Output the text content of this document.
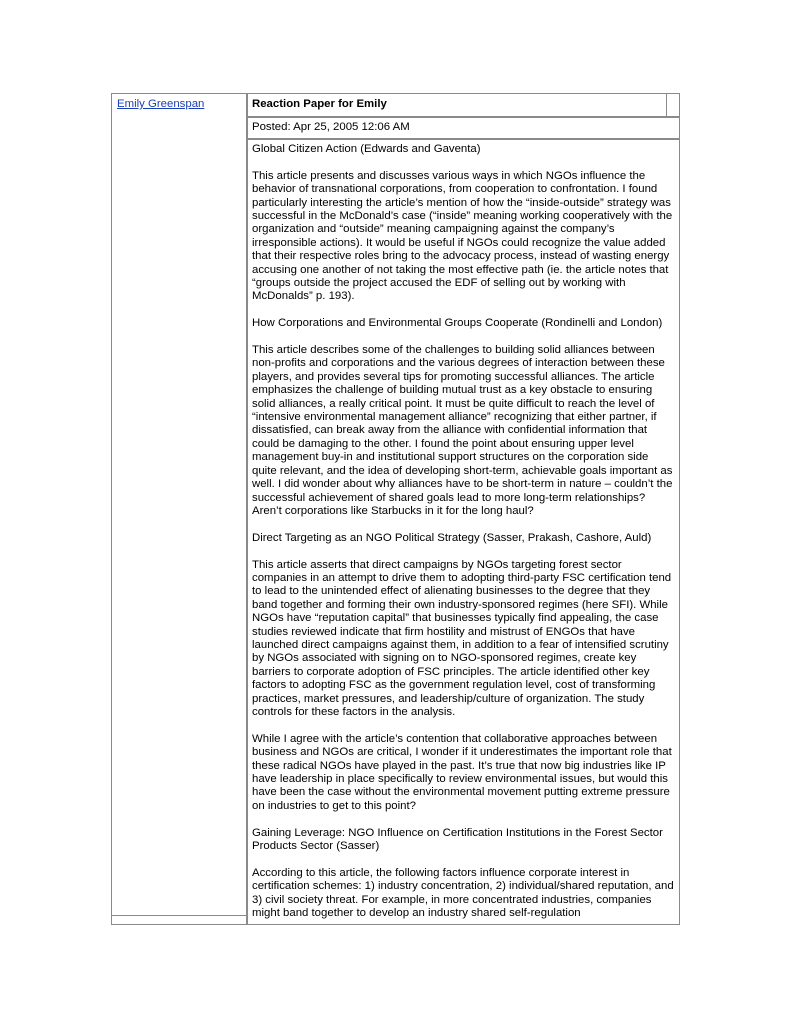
Emily Greenspan	Reaction Paper for Emily
Posted: Apr 25, 2005 12:06 AM

Global Citizen Action (Edwards and Gaventa)

This article presents and discusses various ways in which NGOs influence the behavior of transnational corporations, from cooperation to confrontation. I found particularly interesting the article’s mention of how the “inside-outside” strategy was successful in the McDonald’s case (“inside” meaning working cooperatively with the organization and “outside” meaning campaigning against the company’s irresponsible actions). It would be useful if NGOs could recognize the value added that their respective roles bring to the advocacy process, instead of wasting energy accusing one another of not taking the most effective path (ie. the article notes that “groups outside the project accused the EDF of selling out by working with McDonalds” p. 193).

How Corporations and Environmental Groups Cooperate (Rondinelli and London)

This article describes some of the challenges to building solid alliances between non-profits and corporations and the various degrees of interaction between these players, and provides several tips for promoting successful alliances. The article emphasizes the challenge of building mutual trust as a key obstacle to ensuring solid alliances, a really critical point. It must be quite difficult to reach the level of “intensive environmental management alliance” recognizing that either partner, if dissatisfied, can break away from the alliance with confidential information that could be damaging to the other. I found the point about ensuring upper level management buy-in and institutional support structures on the corporation side quite relevant, and the idea of developing short-term, achievable goals important as well. I did wonder about why alliances have to be short-term in nature – couldn’t the successful achievement of shared goals lead to more long-term relationships? Aren’t corporations like Starbucks in it for the long haul?

Direct Targeting as an NGO Political Strategy (Sasser, Prakash, Cashore, Auld)

This article asserts that direct campaigns by NGOs targeting forest sector companies in an attempt to drive them to adopting third-party FSC certification tend to lead to the unintended effect of alienating businesses to the degree that they band together and forming their own industry-sponsored regimes (here SFI). While NGOs have “reputation capital” that businesses typically find appealing, the case studies reviewed indicate that firm hostility and mistrust of ENGOs that have launched direct campaigns against them, in addition to a fear of intensified scrutiny by NGOs associated with signing on to NGO-sponsored regimes, create key barriers to corporate adoption of FSC principles. The article identified other key factors to adopting FSC as the government regulation level, cost of transforming practices, market pressures, and leadership/culture of organization. The study controls for these factors in the analysis.

While I agree with the article’s contention that collaborative approaches between business and NGOs are critical, I wonder if it underestimates the important role that these radical NGOs have played in the past. It’s true that now big industries like IP have leadership in place specifically to review environmental issues, but would this have been the case without the environmental movement putting extreme pressure on industries to get to this point?

Gaining Leverage: NGO Influence on Certification Institutions in the Forest Sector Products Sector (Sasser)

According to this article, the following factors influence corporate interest in certification schemes: 1) industry concentration, 2) individual/shared reputation, and 3) civil society threat. For example, in more concentrated industries, companies might band together to develop an industry shared self-regulation
